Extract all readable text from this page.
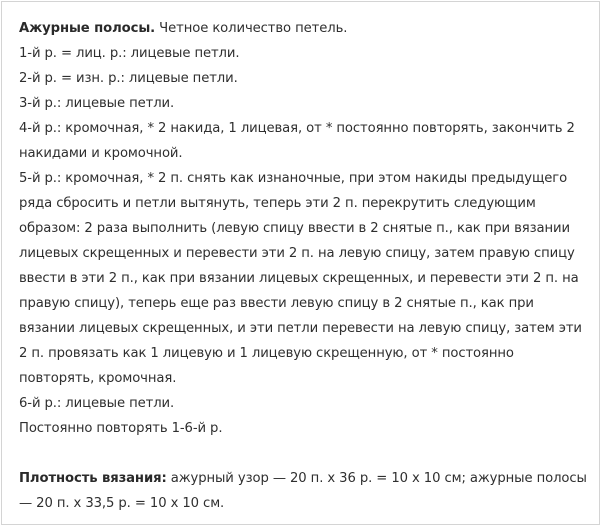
Ажурные полосы. Четное количество петель.

1-й р. = лиц. р.: лицевые петли.

2-й р. = изн. р.: лицевые петли.

3-й р.: лицевые петли.

4-й р.: кромочная, * 2 накида, 1 лицевая, от * постоянно повторять, закончить 2 накидами и кромочной.

5-й р.: кромочная, * 2 п. снять как изнаночные, при этом накиды предыдущего ряда сбросить и петли вытянуть, теперь эти 2 п. перекрутить следующим образом: 2 раза выполнить (левую спицу ввести в 2 снятые п., как при вязании лицевых скрещенных и перевести эти 2 п. на левую спицу, затем правую спицу ввести в эти 2 п., как при вязании лицевых скрещенных, и перевести эти 2 п. на правую спицу), теперь еще раз ввести левую спицу в 2 снятые п., как при вязании лицевых скрещенных, и эти петли перевести на левую спицу, затем эти 2 п. провязать как 1 лицевую и 1 лицевую скрещенную, от * постоянно повторять, кромочная.

6-й р.: лицевые петли.

Постоянно повторять 1-6-й р.

Плотность вязания: ажурный узор — 20 п. х 36 р. = 10 х 10 см; ажурные полосы — 20 п. х 33,5 р. = 10 х 10 см.
